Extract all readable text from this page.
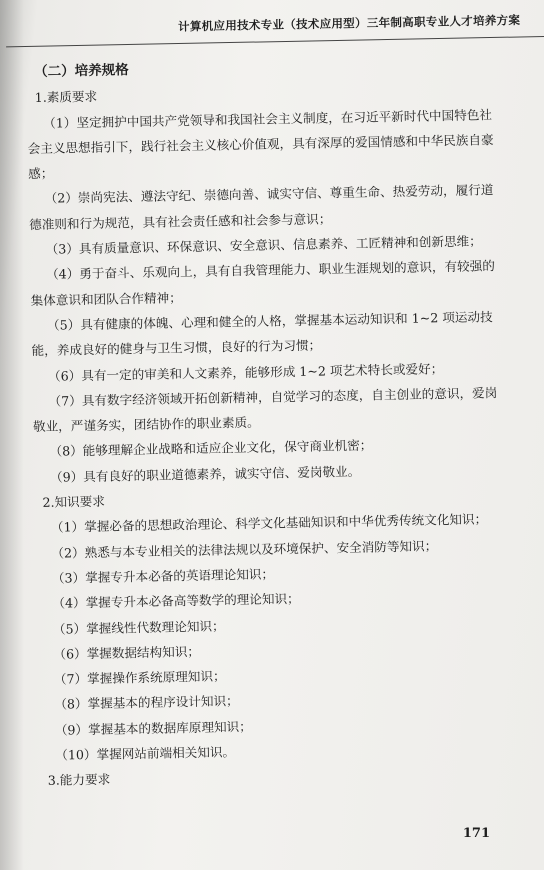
计算机应用技术专业（技术应用型）三年制高职专业人才培养方案
（二）培养规格
1.素质要求
（1）坚定拥护中国共产党领导和我国社会主义制度，在习近平新时代中国特色社
会主义思想指引下，践行社会主义核心价值观，具有深厚的爱国情感和中华民族自豪
感；
（2）崇尚宪法、遵法守纪、崇德向善、诚实守信、尊重生命、热爱劳动，履行道
德准则和行为规范，具有社会责任感和社会参与意识；
（3）具有质量意识、环保意识、安全意识、信息素养、工匠精神和创新思维；
（4）勇于奋斗、乐观向上，具有自我管理能力、职业生涯规划的意识，有较强的
集体意识和团队合作精神；
（5）具有健康的体魄、心理和健全的人格，掌握基本运动知识和 1~2 项运动技
能，养成良好的健身与卫生习惯，良好的行为习惯；
（6）具有一定的审美和人文素养，能够形成 1~2 项艺术特长或爱好；
（7）具有数字经济领域开拓创新精神，自觉学习的态度，自主创业的意识，爱岗
敬业，严谨务实，团结协作的职业素质。
（8）能够理解企业战略和适应企业文化，保守商业机密；
（9）具有良好的职业道德素养，诚实守信、爱岗敬业。
2.知识要求
（1）掌握必备的思想政治理论、科学文化基础知识和中华优秀传统文化知识；
（2）熟悉与本专业相关的法律法规以及环境保护、安全消防等知识；
（3）掌握专升本必备的英语理论知识；
（4）掌握专升本必备高等数学的理论知识；
（5）掌握线性代数理论知识；
（6）掌握数据结构知识；
（7）掌握操作系统原理知识；
（8）掌握基本的程序设计知识；
（9）掌握基本的数据库原理知识；
（10）掌握网站前端相关知识。
3.能力要求
171
